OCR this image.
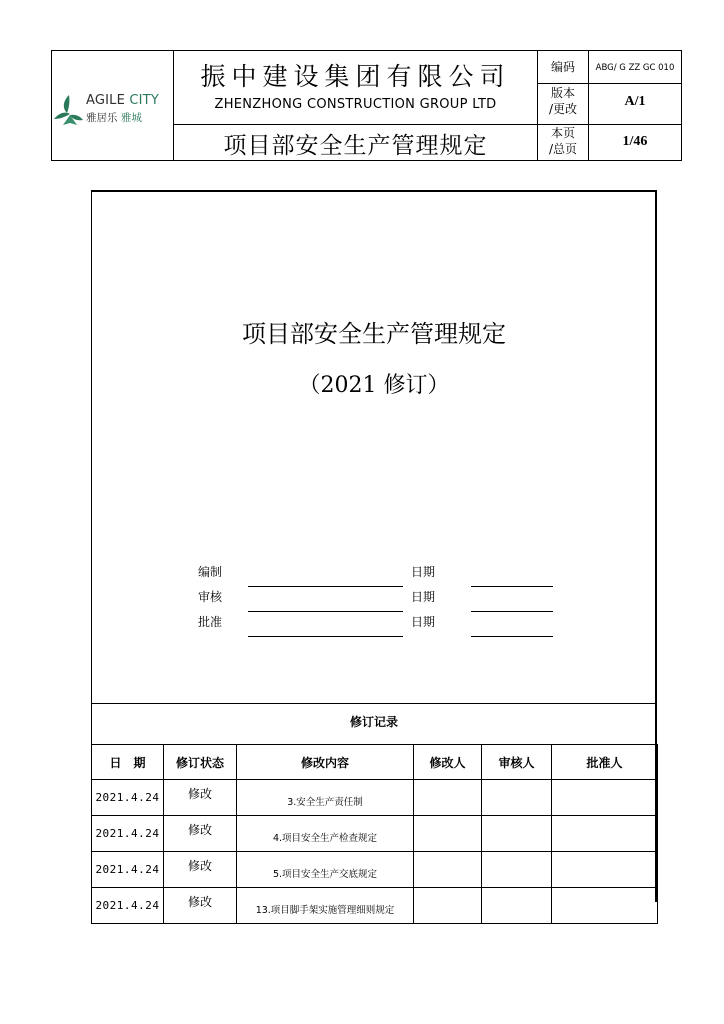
AGILE CITY
雅居乐 雅城
振中建设集团有限公司
ZHENZHONG CONSTRUCTION GROUP LTD
项目部安全生产管理规定
编码	ABG/ G ZZ GC 010
版本
/更改	A/1
本页
/总页	1/46
项目部安全生产管理规定
（2021 修订）
编制	日期
审核	日期
批准	日期
修订记录
日　期	修订状态	修改内容	修改人	审核人	批准人
2021.4.24	修改	3.安全生产责任制			
2021.4.24	修改	4.项目安全生产检查规定			
2021.4.24	修改	5.项目安全生产交底规定			
2021.4.24	修改	13.项目脚手架实施管理细则规定			
